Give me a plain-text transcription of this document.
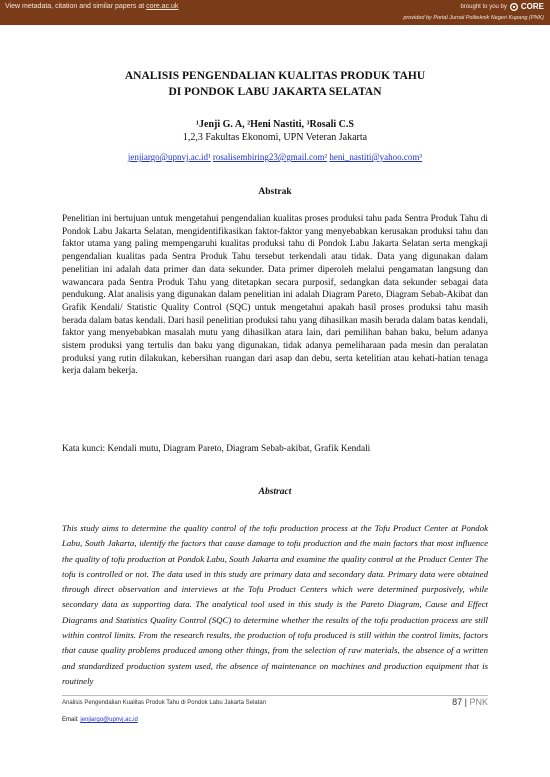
View metadata, citation and similar papers at core.ac.uk	brought to you by CORE
provided by Portal Jurnal Politeknik Negeri Kupang (PNK)
ANALISIS PENGENDALIAN KUALITAS PRODUK TAHU
DI PONDOK LABU JAKARTA SELATAN
¹Jenji G. A, ²Heni Nastiti, ³Rosali C.S
1,2,3 Fakultas Ekonomi, UPN Veteran Jakarta
jenjiargo@upnvj.ac.id¹ rosalisembiring23@gmail.com² heni_nastiti@yahoo.com³
Abstrak
Penelitian ini bertujuan untuk mengetahui pengendalian kualitas proses produksi tahu pada Sentra Produk Tahu di Pondok Labu Jakarta Selatan, mengidentifikasikan faktor-faktor yang menyebabkan kerusakan produksi tahu dan faktor utama yang paling mempengaruhi kualitas produksi tahu di Pondok Labu Jakarta Selatan serta mengkaji pengendalian kualitas pada Sentra Produk Tahu tersebut terkendali atau tidak. Data yang digunakan dalam penelitian ini adalah data primer dan data sekunder. Data primer diperoleh melalui pengamatan langsung dan wawancara pada Sentra Produk Tahu yang ditetapkan secara purposif, sedangkan data sekunder sebagai data pendukung. Alat analisis yang digunakan dalam penelitian ini adalah Diagram Pareto, Diagram Sebab-Akibat dan Grafik Kendali/ Statistic Quality Control (SQC) untuk mengetahui apakah hasil proses produksi tahu masih berada dalam batas kendali. Dari hasil penelitian produksi tahu yang dihasilkan masih berada dalam batas kendali, faktor yang menyebabkan masalah mutu yang dihasilkan atara lain, dari pemilihan bahan baku, belum adanya sistem produksi yang tertulis dan baku yang digunakan, tidak adanya pemeliharaan pada mesin dan peralatan produksi yang rutin dilakukan, kebersihan ruangan dari asap dan debu, serta ketelitian atau kehati-hatian tenaga kerja dalam bekerja.
Kata kunci: Kendali mutu, Diagram Pareto, Diagram Sebab-akibat, Grafik Kendali
Abstract
This study aims to determine the quality control of the tofu production process at the Tofu Product Center at Pondok Labu, South Jakarta, identify the factors that cause damage to tofu production and the main factors that most influence the quality of tofu production at Pondok Labu, South Jakarta and examine the quality control at the Product Center The tofu is controlled or not. The data used in this study are primary data and secondary data. Primary data were obtained through direct observation and interviews at the Tofu Product Centers which were determined purposively, while secondary data as supporting data. The analytical tool used in this study is the Pareto Diagram, Cause and Effect Diagrams and Statistics Quality Control (SQC) to determine whether the results of the tofu production process are still within control limits. From the research results, the production of tofu produced is still within the control limits, factors that cause quality problems produced among other things, from the selection of raw materials, the absence of a written and standardized production system used, the absence of maintenance on machines and production equipment that is routinely
Analisis Pengendalian Kualitas Produk Tahu di Pondok Labu Jakarta Selatan	87 | PNK
Email: jenjiargo@upnvj.ac.id
